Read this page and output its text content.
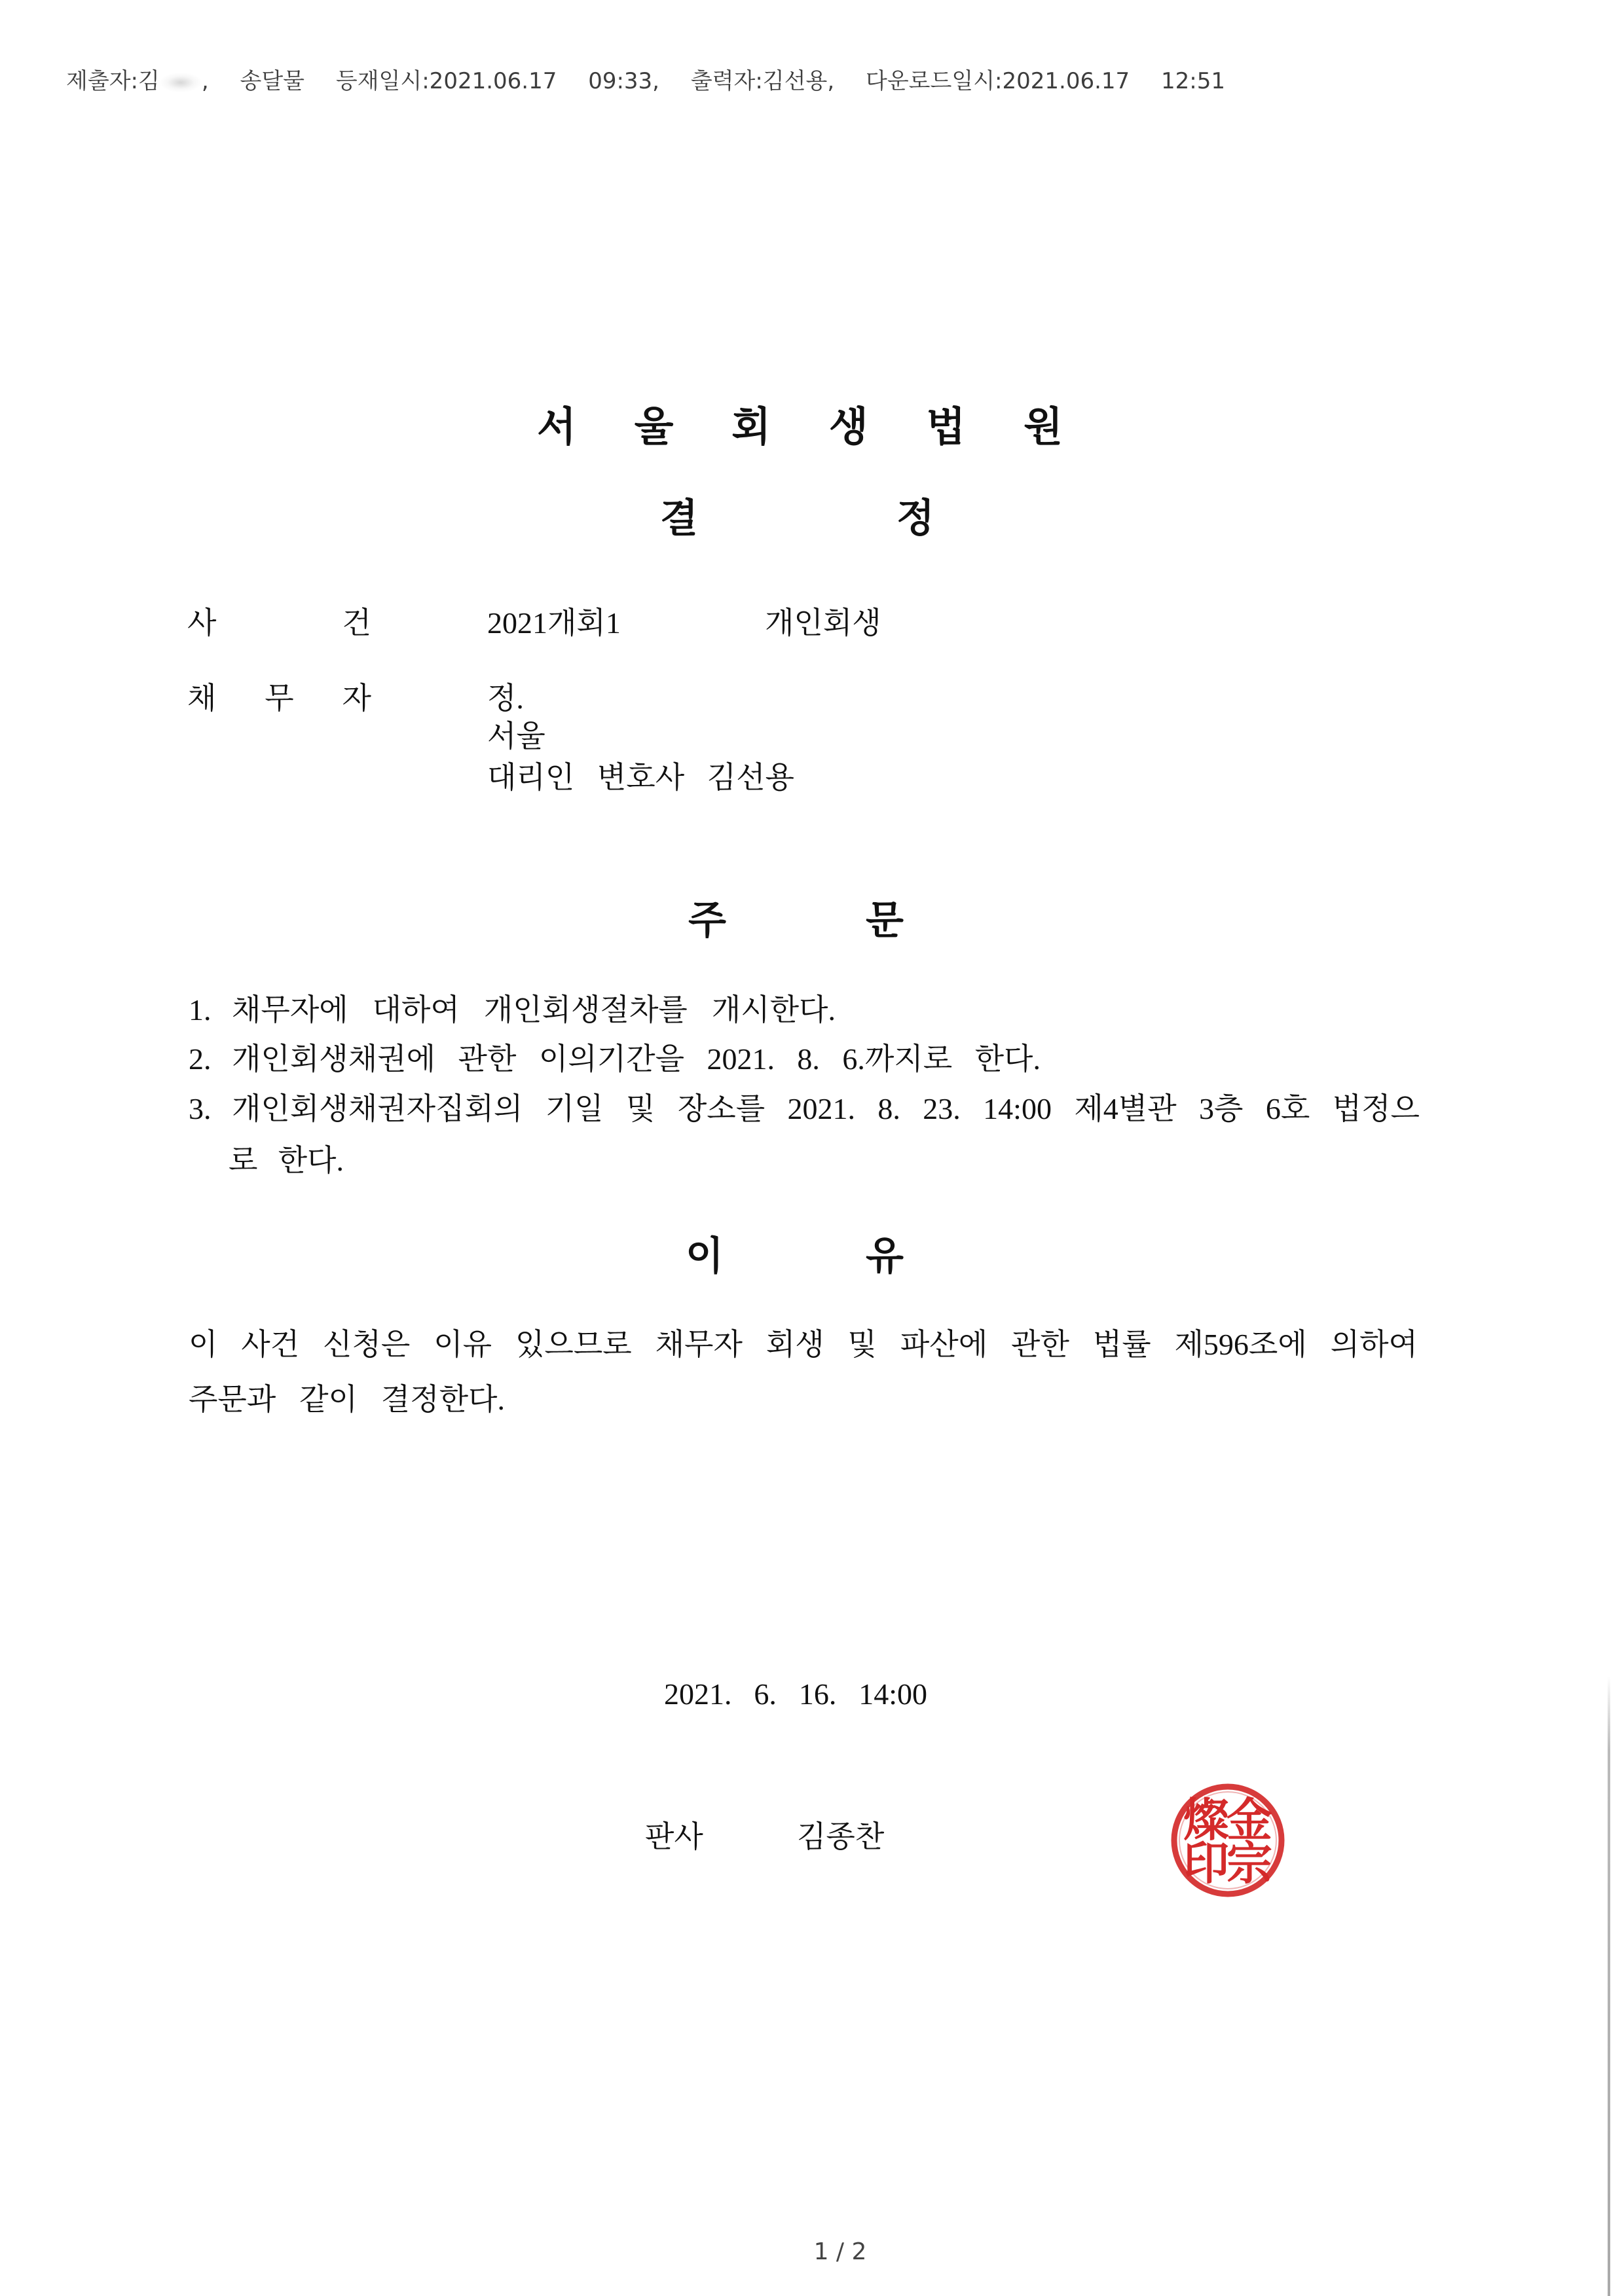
제출자:김 , 송달물 등재일시:2021.06.17 09:33, 출력자:김선용, 다운로드일시:2021.06.17 12:51
서 울 회 생 법 원
결 정
사 건	2021개회1	개인회생
채 무 자	정.
서울
대리인 변호사 김선용
주 문
1. 채무자에 대하여 개인회생절차를 개시한다.
2. 개인회생채권에 관한 이의기간을 2021. 8. 6.까지로 한다.
3. 개인회생채권자집회의 기일 및 장소를 2021. 8. 23. 14:00 제4별관 3층 6호 법정으
로 한다.
이 유
이 사건 신청은 이유 있으므로 채무자 회생 및 파산에 관한 법률 제596조에 의하여
주문과 같이 결정한다.
2021. 6. 16. 14:00
판사	김종찬	金
宗
燦
印
1 / 2
